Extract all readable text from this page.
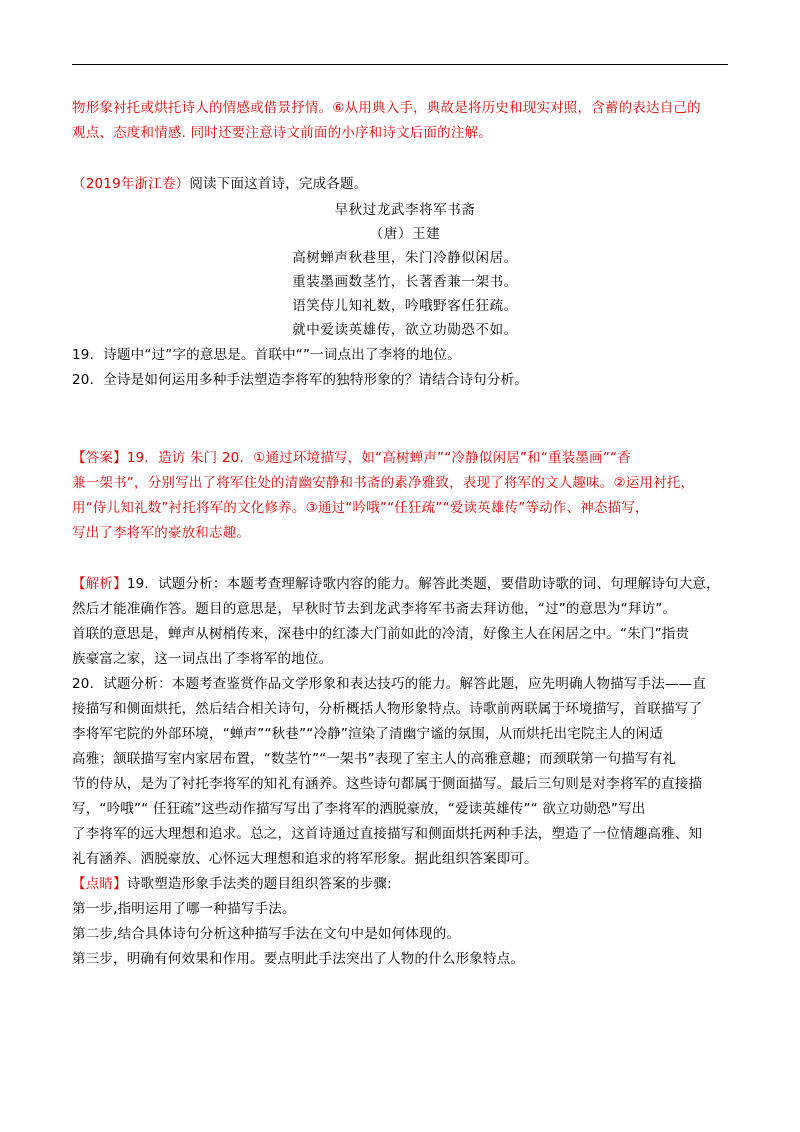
物形象衬托或烘托诗人的情感或借景抒情。⑥从用典入手，典故是将历史和现实对照，含蓄的表达自己的

观点、态度和情感. 同时还要注意诗文前面的小序和诗文后面的注解。

（2019年浙江卷）阅读下面这首诗，完成各题。

早秋过龙武李将军书斋
（唐）王建
高树蝉声秋巷里，朱门冷静似闲居。
重装墨画数茎竹，长著香兼一架书。
语笑侍儿知礼数，吟哦野客任狂疏。
就中爱读英雄传，欲立功勋恐不如。

19．诗题中“过”字的意思是。首联中“”一词点出了李将的地位。

20．全诗是如何运用多种手法塑造李将军的独特形象的？请结合诗句分析。

【答案】19．造访 朱门 20．①通过环境描写，如“高树蝉声”“冷静似闲居”和“重装墨画”“香

兼一架书”，分别写出了将军住处的清幽安静和书斋的素净雅致，表现了将军的文人趣味。②运用衬托，

用“侍儿知礼数”衬托将军的文化修养。③通过“吟哦”“任狂疏”“爱读英雄传”等动作、神态描写，

写出了李将军的豪放和志趣。

【解析】19．试题分析：本题考查理解诗歌内容的能力。解答此类题，要借助诗歌的词、句理解诗句大意，

然后才能准确作答。题目的意思是，早秋时节去到龙武李将军书斋去拜访他，“过”的意思为“拜访”。

首联的意思是，蝉声从树梢传来，深巷中的红漆大门前如此的冷清，好像主人在闲居之中。“朱门”指贵

族豪富之家，这一词点出了李将军的地位。

20．试题分析：本题考查鉴赏作品文学形象和表达技巧的能力。解答此题，应先明确人物描写手法——直

接描写和侧面烘托，然后结合相关诗句，分析概括人物形象特点。诗歌前两联属于环境描写，首联描写了

李将军宅院的外部环境，“蝉声”“秋巷”“冷静”渲染了清幽宁谧的氛围，从而烘托出宅院主人的闲适

高雅；颔联描写室内家居布置，“数茎竹”“一架书”表现了室主人的高雅意趣；而颈联第一句描写有礼

节的侍从，是为了衬托李将军的知礼有涵养。这些诗句都属于侧面描写。最后三句则是对李将军的直接描

写，“吟哦”“ 任狂疏”这些动作描写写出了李将军的洒脱豪放，“爱读英雄传”“ 欲立功勋恐”写出

了李将军的远大理想和追求。总之，这首诗通过直接描写和侧面烘托两种手法，塑造了一位情趣高雅、知

礼有涵养、洒脱豪放、心怀远大理想和追求的将军形象。据此组织答案即可。

【点睛】诗歌塑造形象手法类的题目组织答案的步骤:

第一步,指明运用了哪一种描写手法。

第二步,结合具体诗句分析这种描写手法在文句中是如何体现的。

第三步，明确有何效果和作用。要点明此手法突出了人物的什么形象特点。
